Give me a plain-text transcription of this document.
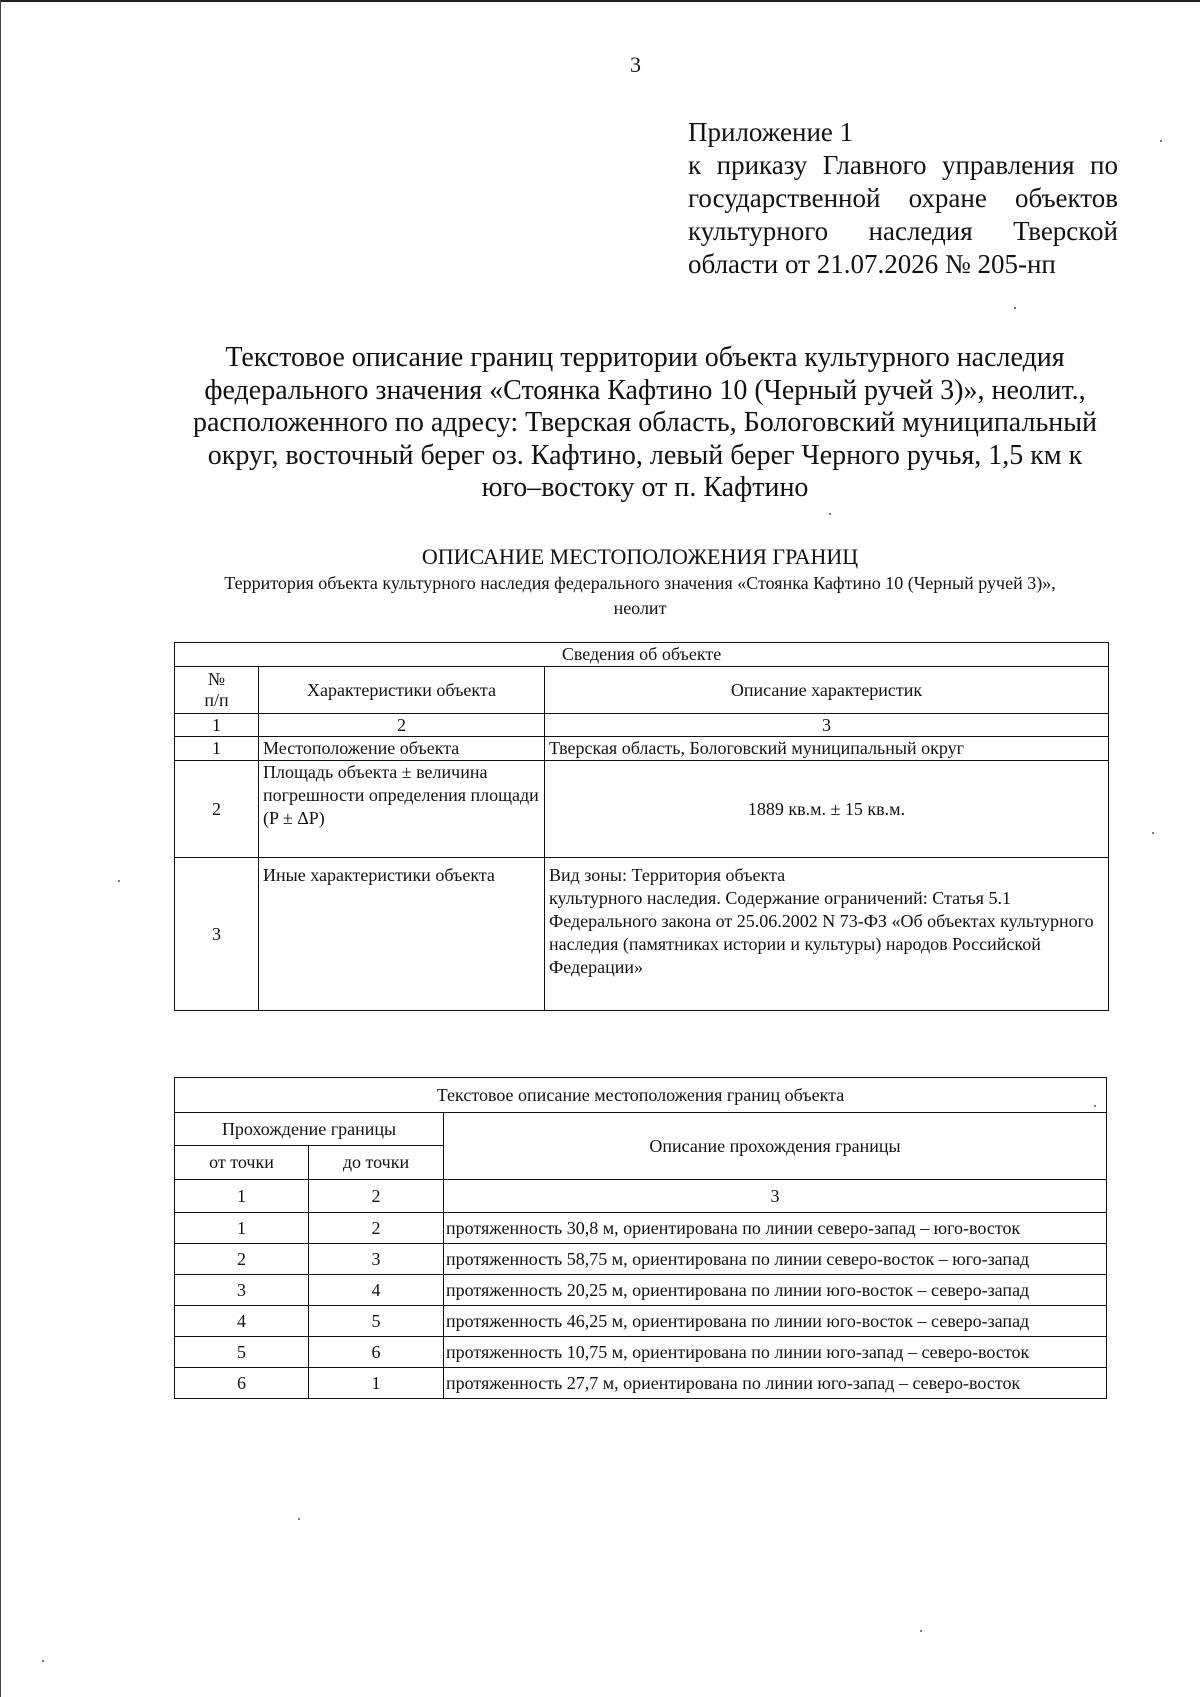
3
Приложение 1
к приказу Главного управления по
государственной охране объектов
культурного наследия Тверской
области от 21.07.2026 № 205-нп
Текстовое описание границ территории объекта культурного наследия
федерального значения «Стоянка Кафтино 10 (Черный ручей 3)», неолит.,
расположенного по адресу: Тверская область, Бологовский муниципальный
округ, восточный берег оз. Кафтино, левый берег Черного ручья, 1,5 км к
юго–востоку от п. Кафтино
ОПИСАНИЕ МЕСТОПОЛОЖЕНИЯ ГРАНИЦ
Территория объекта культурного наследия федерального значения «Стоянка Кафтино 10 (Черный ручей 3)»,
неолит
Сведения об объекте		
№
п/п	Характеристики объекта	Описание характеристик
1	2	3
1	Местоположение объекта	Тверская область, Бологовский муниципальный округ
2	Площадь объекта ± величина погрешности определения площади (P ± ΔP)	1889 кв.м. ± 15 кв.м.
3	Иные характеристики объекта	Вид зоны: Территория объекта
культурного наследия. Содержание ограничений: Статья 5.1 Федерального закона от 25.06.2002 N 73-ФЗ «Об объектах культурного наследия (памятниках истории и культуры) народов Российской Федерации»
Текстовое описание местоположения границ объекта		
Прохождение границы		Описание прохождения границы
от точки	до точки	
1	2	3
1	2	протяженность 30,8 м, ориентирована по линии северо-запад – юго-восток
2	3	протяженность 58,75 м, ориентирована по линии северо-восток – юго-запад
3	4	протяженность 20,25 м, ориентирована по линии юго-восток – северо-запад
4	5	протяженность 46,25 м, ориентирована по линии юго-восток – северо-запад
5	6	протяженность 10,75 м, ориентирована по линии юго-запад – северо-восток
6	1	протяженность 27,7 м, ориентирована по линии юго-запад – северо-восток
